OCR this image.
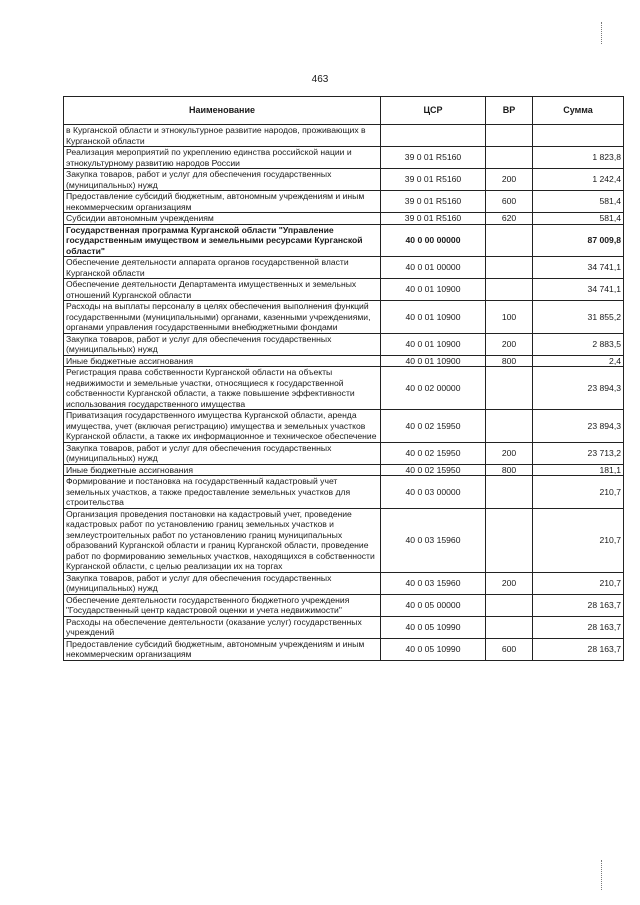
463
Наименование	ЦСР	ВР	Сумма
в Курганской области и этнокультурное развитие народов, проживающих в Курганской области			
Реализация мероприятий по укреплению единства российской нации и этнокультурному развитию народов России	39 0 01 R5160		1 823,8
Закупка товаров, работ и услуг для обеспечения государственных (муниципальных) нужд	39 0 01 R5160	200	1 242,4
Предоставление субсидий бюджетным, автономным учреждениям и иным некоммерческим организациям	39 0 01 R5160	600	581,4
Субсидии автономным учреждениям	39 0 01 R5160	620	581,4
Государственная программа Курганской области "Управление государственным имуществом и земельными ресурсами Курганской области"	40 0 00 00000		87 009,8
Обеспечение деятельности аппарата органов государственной власти Курганской области	40 0 01 00000		34 741,1
Обеспечение деятельности Департамента имущественных и земельных отношений Курганской области	40 0 01 10900		34 741,1
Расходы на выплаты персоналу в целях обеспечения выполнения функций государственными (муниципальными) органами, казенными учреждениями, органами управления государственными внебюджетными фондами	40 0 01 10900	100	31 855,2
Закупка товаров, работ и услуг для обеспечения государственных (муниципальных) нужд	40 0 01 10900	200	2 883,5
Иные бюджетные ассигнования	40 0 01 10900	800	2,4
Регистрация права собственности Курганской области на объекты недвижимости и земельные участки, относящиеся к государственной собственности Курганской области, а также повышение эффективности использования государственного имущества	40 0 02 00000		23 894,3
Приватизация государственного имущества Курганской области, аренда имущества, учет (включая регистрацию) имущества и земельных участков Курганской области, а также их информационное и техническое обеспечение	40 0 02 15950		23 894,3
Закупка товаров, работ и услуг для обеспечения государственных (муниципальных) нужд	40 0 02 15950	200	23 713,2
Иные бюджетные ассигнования	40 0 02 15950	800	181,1
Формирование и постановка на государственный кадастровый учет земельных участков, а также предоставление земельных участков для строительства	40 0 03 00000		210,7
Организация проведения постановки на кадастровый учет, проведение кадастровых работ по установлению границ земельных участков и землеустроительных работ по установлению границ муниципальных образований Курганской области и границ Курганской области, проведение работ по формированию земельных участков, находящихся в собственности Курганской области, с целью реализации их на торгах	40 0 03 15960		210,7
Закупка товаров, работ и услуг для обеспечения государственных (муниципальных) нужд	40 0 03 15960	200	210,7
Обеспечение деятельности государственного бюджетного учреждения "Государственный центр кадастровой оценки и учета недвижимости"	40 0 05 00000		28 163,7
Расходы на обеспечение деятельности (оказание услуг) государственных учреждений	40 0 05 10990		28 163,7
Предоставление субсидий бюджетным, автономным учреждениям и иным некоммерческим организациям	40 0 05 10990	600	28 163,7
